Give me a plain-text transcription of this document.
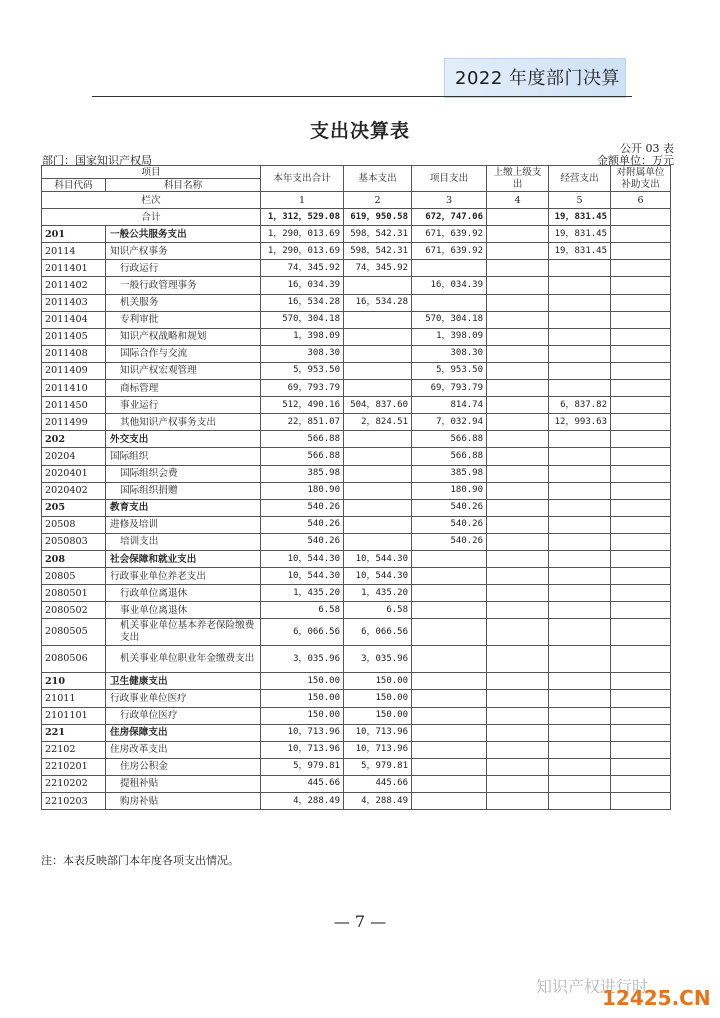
2022 年度部门决算
支出决算表
公开 03 表
部门：国家知识产权局	金额单位：万元
项目		本年支出合计	基本支出	项目支出	上缴上级支出	经营支出	对附属单位补助支出
科目代码	科目名称						
栏次		1	2	3	4	5	6
合计		1，312，529.08	619，950.58	672，747.06		19，831.45	
201	一般公共服务支出	1，290，013.69	598，542.31	671，639.92		19，831.45	
20114	知识产权事务	1，290，013.69	598，542.31	671，639.92		19，831.45	
2011401	行政运行	74，345.92	74，345.92				
2011402	一般行政管理事务	16，034.39		16，034.39			
2011403	机关服务	16，534.28	16，534.28				
2011404	专利审批	570，304.18		570，304.18			
2011405	知识产权战略和规划	1，398.09		1，398.09			
2011408	国际合作与交流	308.30		308.30			
2011409	知识产权宏观管理	5，953.50		5，953.50			
2011410	商标管理	69，793.79		69，793.79			
2011450	事业运行	512，490.16	504，837.60	814.74		6，837.82	
2011499	其他知识产权事务支出	22，851.07	2，824.51	7，032.94		12，993.63	
202	外交支出	566.88		566.88			
20204	国际组织	566.88		566.88			
2020401	国际组织会费	385.98		385.98			
2020402	国际组织捐赠	180.90		180.90			
205	教育支出	540.26		540.26			
20508	进修及培训	540.26		540.26			
2050803	培训支出	540.26		540.26			
208	社会保障和就业支出	10，544.30	10，544.30				
20805	行政事业单位养老支出	10，544.30	10，544.30				
2080501	行政单位离退休	1，435.20	1，435.20				
2080502	事业单位离退休	6.58	6.58				
2080505	机关事业单位基本养老保险缴费支出	6，066.56	6，066.56				
2080506	机关事业单位职业年金缴费支出	3，035.96	3，035.96				
210	卫生健康支出	150.00	150.00				
21011	行政事业单位医疗	150.00	150.00				
2101101	行政单位医疗	150.00	150.00				
221	住房保障支出	10，713.96	10，713.96				
22102	住房改革支出	10，713.96	10，713.96				
2210201	住房公积金	5，979.81	5，979.81				
2210202	提租补贴	445.66	445.66				
2210203	购房补贴	4，288.49	4，288.49				
注：本表反映部门本年度各项支出情况。
— 7 —
知识产权进行时
12425.CN
